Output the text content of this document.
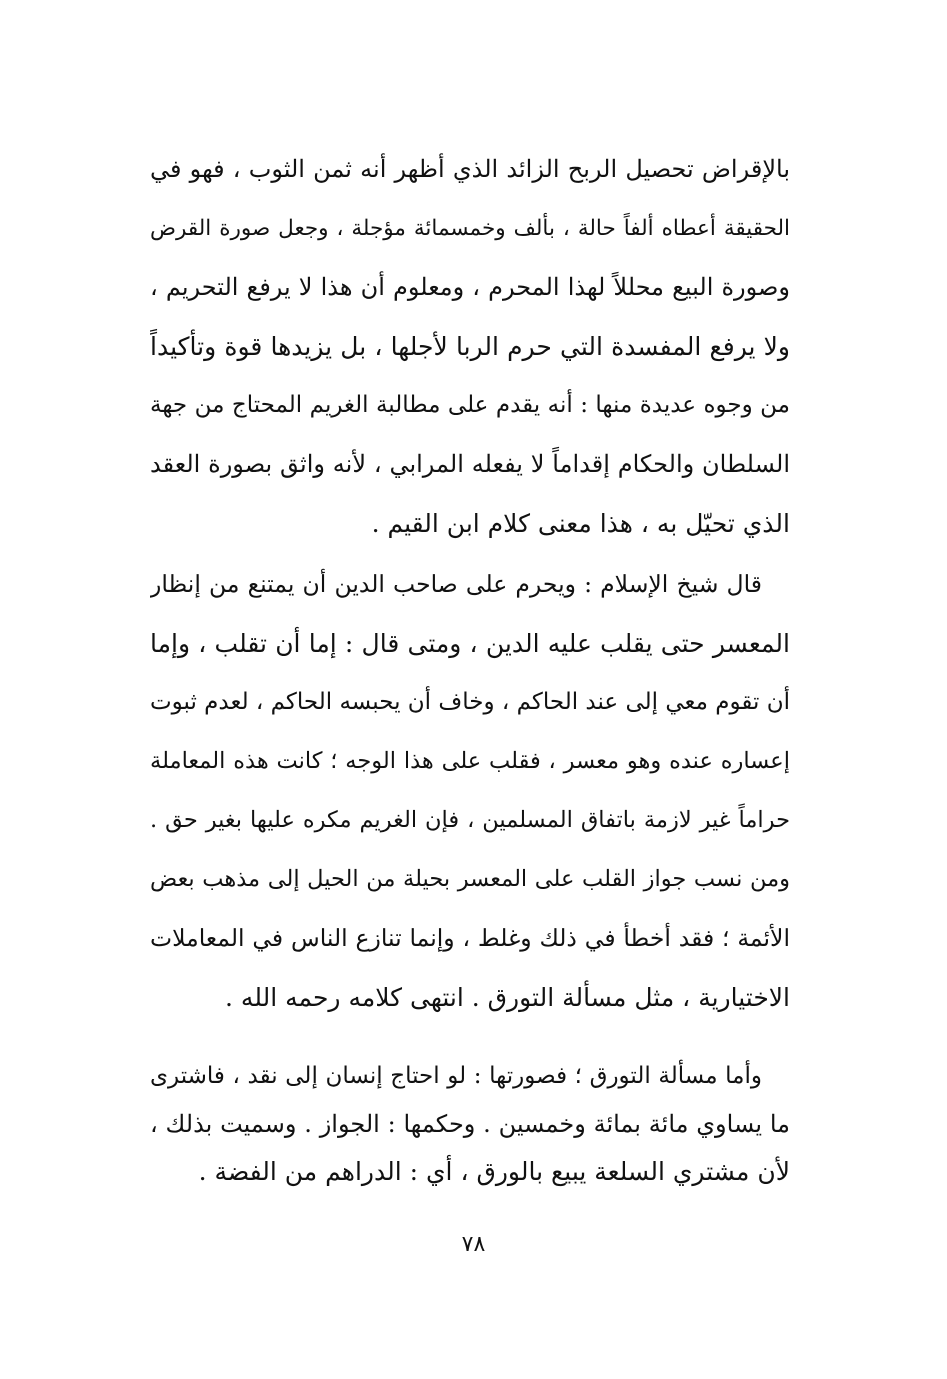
بالإقراض تحصيل الربح الزائد الذي أظهر أنه ثمن الثوب ، فهو في
الحقيقة أعطاه ألفاً حالة ، بألف وخمسمائة مؤجلة ، وجعل صورة القرض
وصورة البيع محللاً لهذا المحرم ، ومعلوم أن هذا لا يرفع التحريم ،
ولا يرفع المفسدة التي حرم الربا لأجلها ، بل يزيدها قوة وتأكيداً
من وجوه عديدة منها : أنه يقدم على مطالبة الغريم المحتاج من جهة
السلطان والحكام إقداماً لا يفعله المرابي ، لأنه واثق بصورة العقد
الذي تحيّل به ، هذا معنى كلام ابن القيم .
قال شيخ الإسلام : ويحرم على صاحب الدين أن يمتنع من إنظار
المعسر حتى يقلب عليه الدين ، ومتى قال : إما أن تقلب ، وإما
أن تقوم معي إلى عند الحاكم ، وخاف أن يحبسه الحاكم ، لعدم ثبوت
إعساره عنده وهو معسر ، فقلب على هذا الوجه ؛ كانت هذه المعاملة
حراماً غير لازمة باتفاق المسلمين ، فإن الغريم مكره عليها بغير حق .
ومن نسب جواز القلب على المعسر بحيلة من الحيل إلى مذهب بعض
الأئمة ؛ فقد أخطأ في ذلك وغلط ، وإنما تنازع الناس في المعاملات
الاختيارية ، مثل مسألة التورق . انتهى كلامه رحمه الله .
وأما مسألة التورق ؛ فصورتها : لو احتاج إنسان إلى نقد ، فاشترى
ما يساوي مائة بمائة وخمسين . وحكمها : الجواز . وسميت بذلك ،
لأن مشتري السلعة يبيع بالورق ، أي : الدراهم من الفضة .
٧٨
